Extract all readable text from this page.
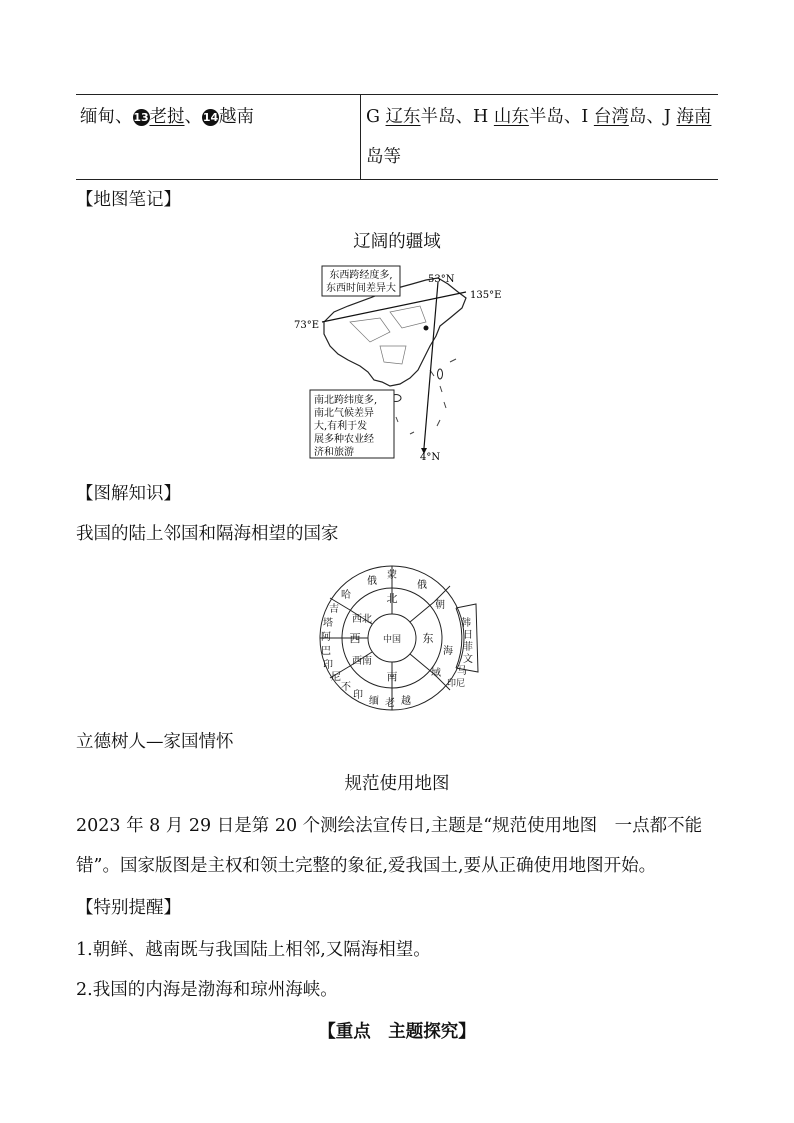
缅甸、13老挝、14越南	G 辽东半岛、H 山东半岛、I 台湾岛、J 海南
岛等
【地图笔记】
辽阔的疆域
东西跨经度多,
东西时间差异大
南北跨纬度多,
南北气候差异
大,有利于发
展多种农业经
济和旅游
53°N
135°E
73°E
4°N
【图解知识】
我国的陆上邻国和隔海相望的国家
中国
北
西北
西
西南
南
东
俄
蒙
俄
朝
哈
吉
塔
阿
巴
印
尼
不
印
缅 老 越
海
域
韩
日
菲
文
马
印尼
立德树人—家国情怀
规范使用地图
2023 年 8 月 29 日是第 20 个测绘法宣传日,主题是“规范使用地图　一点都不能
错”。国家版图是主权和领土完整的象征,爱我国土,要从正确使用地图开始。
【特别提醒】
1.朝鲜、越南既与我国陆上相邻,又隔海相望。
2.我国的内海是渤海和琼州海峡。
【重点　主题探究】
